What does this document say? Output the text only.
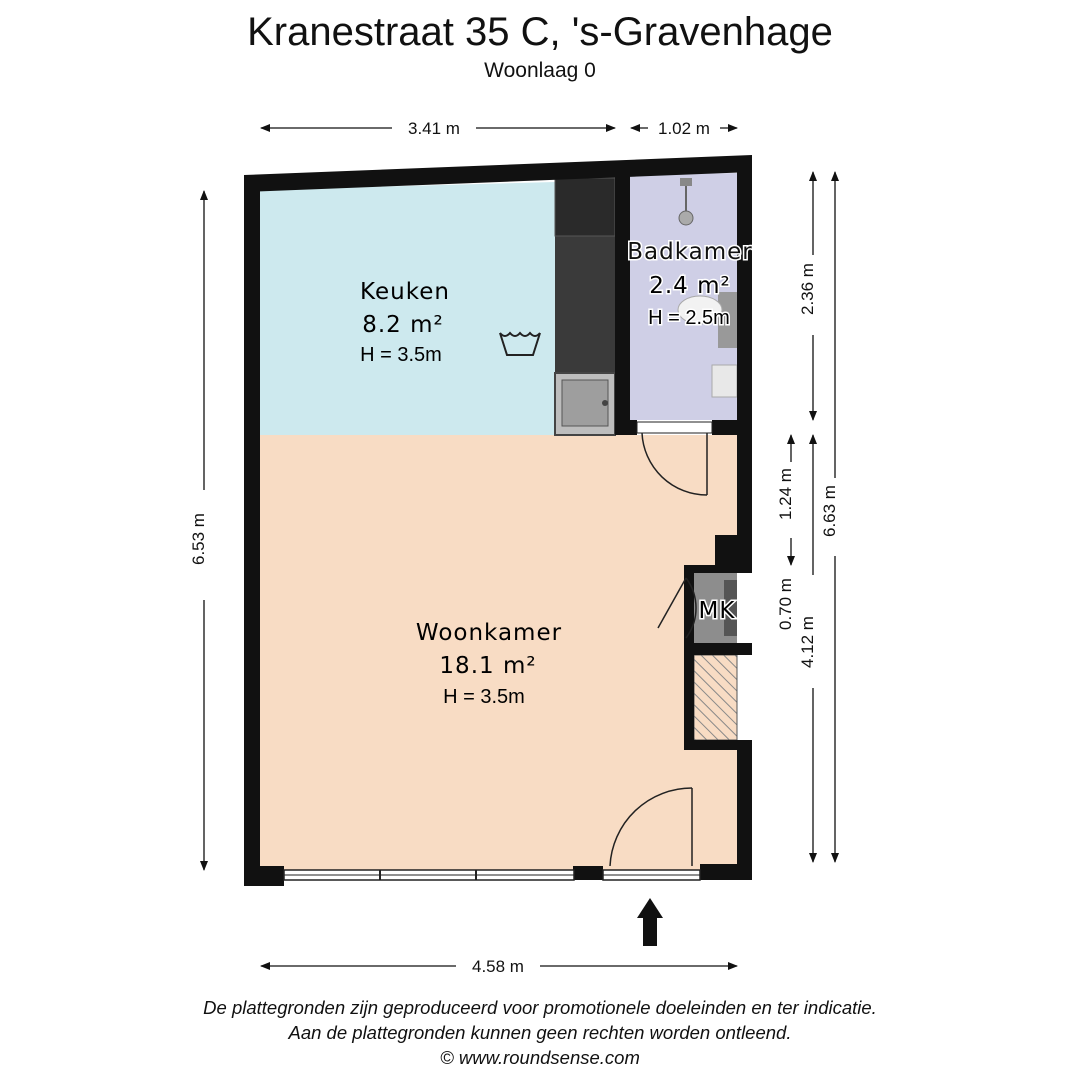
Kranestraat 35 C, 's-Gravenhage
Woonlaag 0
Keuken
8.2 m²
H = 3.5m
Badkamer
2.4 m²
H = 2.5m
Woonkamer
18.1 m²
H = 3.5m
MK
3.41 m	1.02 m
4.58 m
6.53 m
2.36 m
1.24 m
0.70 m
4.12 m
6.63 m
De plattegronden zijn geproduceerd voor promotionele doeleinden en ter indicatie.
Aan de plattegronden kunnen geen rechten worden ontleend.
© www.roundsense.com
